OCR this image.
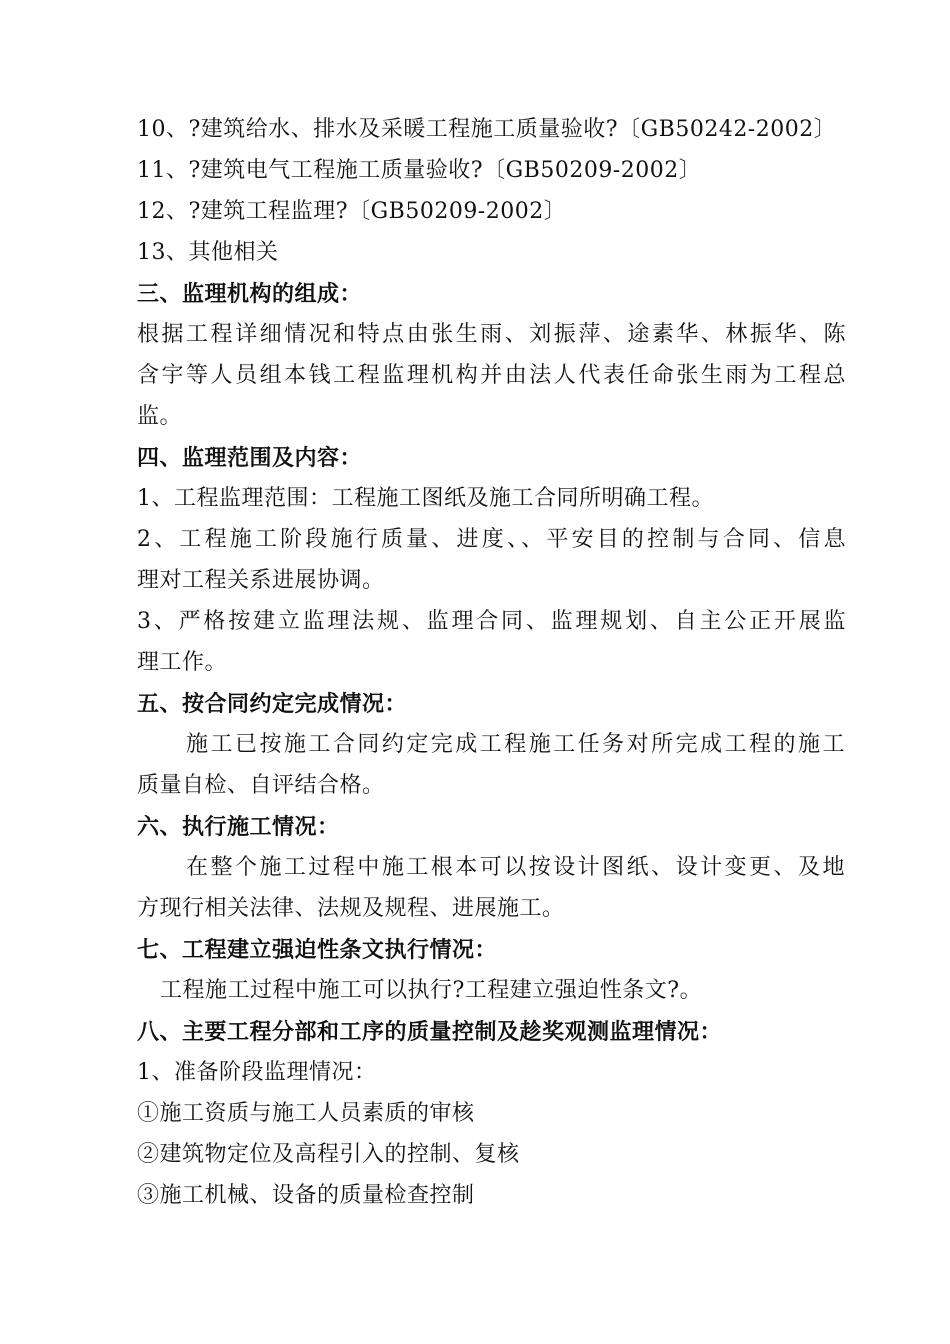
10、?建筑给水、排水及采暖工程施工质量验收?〔GB50242-2002〕
11、?建筑电气工程施工质量验收?〔GB50209-2002〕
12、?建筑工程监理?〔GB50209-2002〕
13、其他相关
三、监理机构的组成：
根据工程详细情况和特点由张生雨、刘振萍、途素华、林振华、陈
含宇等人员组本钱工程监理机构并由法人代表任命张生雨为工程总
监。
四、监理范围及内容：
1、工程监理范围：工程施工图纸及施工合同所明确工程。
2、工程施工阶段施行质量、进度、、平安目的控制与合同、信息
理对工程关系进展协调。
3、严格按建立监理法规、监理合同、监理规划、自主公正开展监
理工作。
五、按合同约定完成情况：
施工已按施工合同约定完成工程施工任务对所完成工程的施工
质量自检、自评结合格。
六、执行施工情况：
在整个施工过程中施工根本可以按设计图纸、设计变更、及地
方现行相关法律、法规及规程、进展施工。
七、工程建立强迫性条文执行情况：
工程施工过程中施工可以执行?工程建立强迫性条文?。
八、主要工程分部和工序的质量控制及趁奖观测监理情况：
1、准备阶段监理情况：
①施工资质与施工人员素质的审核
②建筑物定位及高程引入的控制、复核
③施工机械、设备的质量检查控制
